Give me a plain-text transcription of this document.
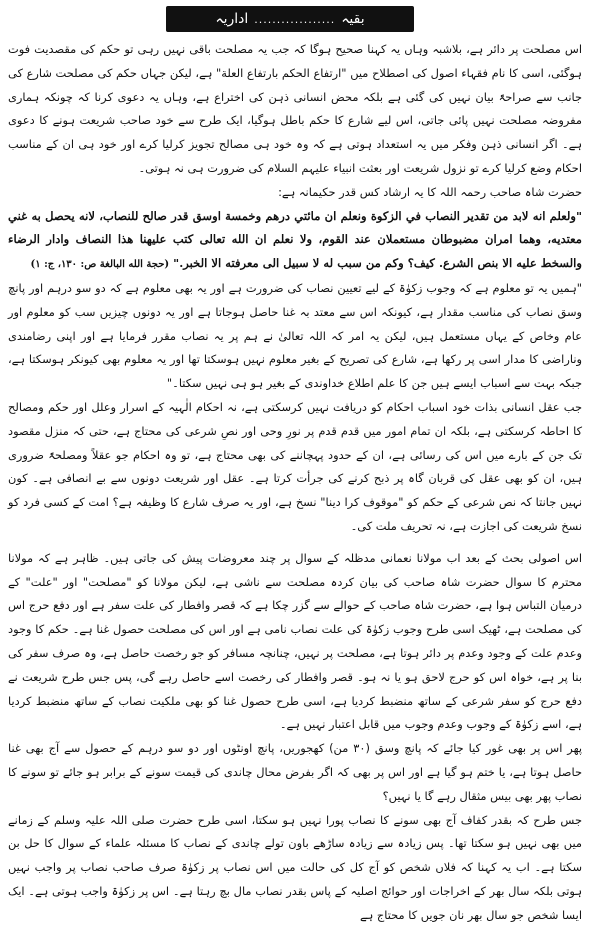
بقیہ
..................
اداریہ

اس مصلحت پر دائر ہے، بلاشبہ وہاں یہ کہنا صحیح ہوگا کہ جب یہ مصلحت باقی نہیں رہی تو حکم کی مقصدیت فوت ہوگئی، اسی کا نام فقہاء اصول کی اصطلاح میں "ارتفاع الحکم بارتفاع العلة" ہے، لیکن جہاں حکم کی مصلحت شارع کی جانب سے صراحۃً بیان نہیں کی گئی ہے بلکہ محض انسانی ذہن کی اختراع ہے، وہاں یہ دعوی کرنا کہ چونکہ ہماری مفروضہ مصلحت نہیں پائی جاتی، اس لیے شارع کا حکم باطل ہوگیا، ایک طرح سے خود صاحب شریعت ہونے کا دعوی ہے۔ اگر انسانی ذہن وفکر میں یہ استعداد ہوتی ہے کہ وہ خود ہی مصالح تجویز کرلیا کرے اور خود ہی ان کے مناسب احکام وضع کرلیا کرے تو نزول شریعت اور بعثت انبیاء علیہم السلام کی ضرورت ہی نہ ہوتی۔

حضرت شاہ صاحب رحمہ اللہ کا یہ ارشاد کس قدر حکیمانہ ہے:

"ولعلم انه لابد من تقدير النصاب في الزكوة ونعلم ان مائتي درهم وخمسة اوسق قدر صالح للنصاب، لانه يحصل به غني معتديه، وهما امران مضبوطان مستعملان عند القوم، ولا نعلم ان الله تعالى كتب عليهنا هذا النصاف وادار الرضاء والسخط عليه الا بنص الشرع. كيف؟ وكم من سبب له لا سبيل الى معرفته الا الخبر." (حجة الله البالغة ص: ۱۳۰، ج: ۱)

"ہمیں یہ تو معلوم ہے کہ وجوب زکوٰۃ کے لیے تعیین نصاب کی ضرورت ہے اور یہ بھی معلوم ہے کہ دو سو درہم اور پانچ وسق نصاب کی مناسب مقدار ہے، کیونکہ اس سے معتد بہ غنا حاصل ہوجاتا ہے اور یہ دونوں چیزیں سب کو معلوم اور عام وخاص کے یہاں مستعمل ہیں، لیکن یہ امر کہ اللہ تعالیٰ نے ہم پر یہ نصاب مقرر فرمایا ہے اور اپنی رضامندی وناراضی کا مدار اسی پر رکھا ہے، شارع کی تصریح کے بغیر معلوم نہیں ہوسکتا تھا اور یہ معلوم بھی کیونکر ہوسکتا ہے، جبکہ بہت سے اسباب ایسے ہیں جن کا علم اطلاع خداوندی کے بغیر ہو ہی نہیں سکتا۔"

جب عقل انسانی بذات خود اسباب احکام کو دریافت نہیں کرسکتی ہے، نہ احکام الٰہیہ کے اسرار وعلل اور حکم ومصالح کا احاطہ کرسکتی ہے، بلکہ ان تمام امور میں قدم قدم پر نورِ وحی اور نصِ شرعی کی محتاج ہے، حتی کہ منزل مقصود تک جن کے بارے میں اس کی رسائی ہے، ان کے حدود پہچاننے کی بھی محتاج ہے، تو وہ احکام جو عقلاً ومصلحۃً ضروری ہیں، ان کو بھی عقل کی قربان گاہ پر ذبح کرنے کی جرأت کرتا ہے۔ عقل اور شریعت دونوں سے بے انصافی ہے۔ کون نہیں جانتا کہ نص شرعی کے حکم کو "موقوف کرا دینا" نسخ ہے، اور یہ صرف شارع کا وظیفہ ہے؟ امت کے کسی فرد کو نسخ شریعت کی اجازت ہے، نہ تحریف ملت کی۔

اس اصولی بحث کے بعد اب مولانا نعمانی مدظلہ کے سوال پر چند معروضات پیش کی جاتی ہیں۔ ظاہر ہے کہ مولانا محترم کا سوال حضرت شاہ صاحب کی بیان کردہ مصلحت سے ناشی ہے، لیکن مولانا کو "مصلحت" اور "علت" کے درمیان التباس ہوا ہے، حضرت شاہ صاحب کے حوالے سے گزر چکا ہے کہ قصر وافطار کی علت سفر ہے اور دفع حرج اس کی مصلحت ہے، ٹھیک اسی طرح وجوب زکوٰۃ کی علت نصاب نامی ہے اور اس کی مصلحت حصول غنا ہے۔ حکم کا وجود وعدم علت کے وجود وعدم پر دائر ہوتا ہے، مصلحت پر نہیں، چنانچہ مسافر کو جو رخصت حاصل ہے، وہ صرف سفر کی بنا پر ہے، خواہ اس کو حرج لاحق ہو یا نہ ہو۔ قصر وافطار کی رخصت اسے حاصل رہے گی، پس جس طرح شریعت نے دفع حرج کو سفر شرعی کے ساتھ منضبط کردیا ہے، اسی طرح حصول غنا کو بھی ملکیت نصاب کے ساتھ منضبط کردیا ہے، اسے زکوٰۃ کے وجوب وعدم وجوب میں قابل اعتبار نہیں ہے۔

پھر اس پر بھی غور کیا جائے کہ پانچ وسق (۳۰ من) کھجوریں، پانچ اونٹوں اور دو سو درہم کے حصول سے آج بھی غنا حاصل ہوتا ہے، یا ختم ہو گیا ہے اور اس پر بھی کہ اگر بفرض محال چاندی کی قیمت سونے کے برابر ہو جائے تو سونے کا نصاب پھر بھی بیس مثقال رہے گا یا نہیں؟

جس طرح کہ بقدر کفاف آج بھی سونے کا نصاب پورا نہیں ہو سکتا، اسی طرح حضرت صلی اللہ علیہ وسلم کے زمانے میں بھی نہیں ہو سکتا تھا۔ پس زیادہ سے زیادہ ساڑھے باون تولے چاندی کے نصاب کا مسئلہ علماء کے سوال کا حل بن سکتا ہے۔ اب یہ کہنا کہ فلاں شخص کو آج کل کی حالت میں اس نصاب پر زکوٰۃ صرف صاحب نصاب پر واجب نہیں ہوتی بلکہ سال بھر کے اخراجات اور حوائج اصلیہ کے پاس بقدر نصاب مال بچ رہتا ہے۔ اس پر زکوٰۃ واجب ہوتی ہے۔ ایک ایسا شخص جو سال بھر نان جویں کا محتاج ہے
